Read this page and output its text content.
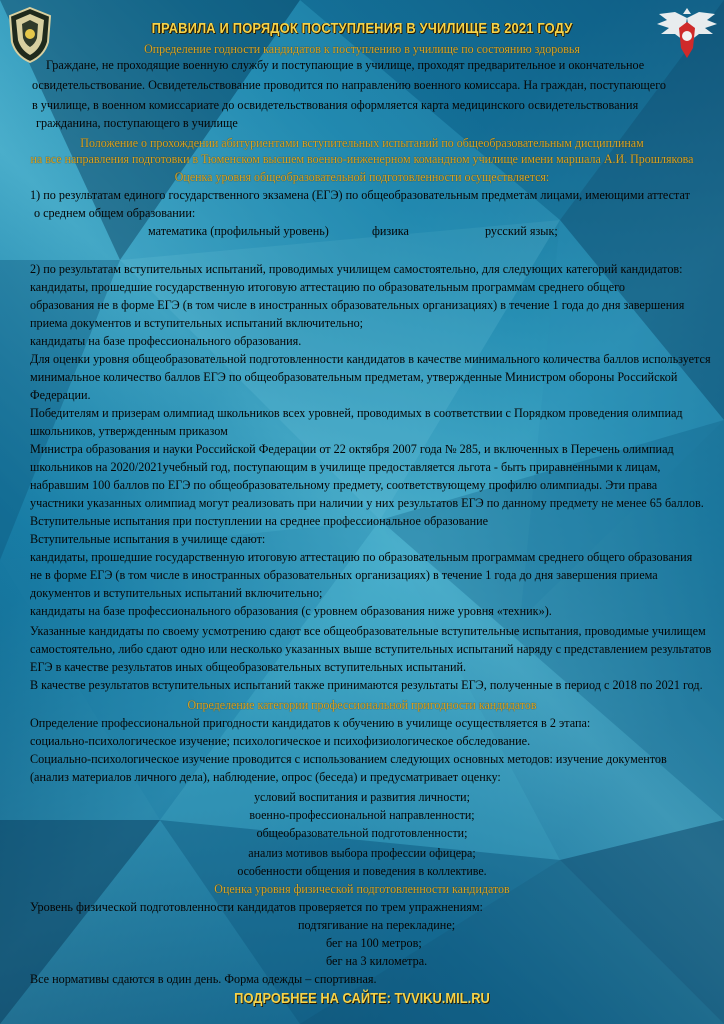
ПРАВИЛА И ПОРЯДОК ПОСТУПЛЕНИЯ В УЧИЛИЩЕ В 2021 ГОДУ
Определение годности кандидатов к поступлению в училище по состоянию здоровья
Граждане, не проходящие военную службу и поступающие в училище, проходят предварительное и окончательное
освидетельствование. Освидетельствование проводится по направлению военного комиссара. На граждан, поступающего
в училище, в военном комиссариате до освидетельствования оформляется карта медицинского освидетельствования
гражданина, поступающего в училище
Положение о прохождении абитуриентами вступительных испытаний по общеобразовательным дисциплинам
на все направления подготовки в Тюменском высшем военно-инженерном командном училище имени маршала А.И. Прошлякова
Оценка уровня общеобразовательной подготовленности осуществляется:
1) по результатам единого государственного экзамена (ЕГЭ) по общеобразовательным предметам лицами, имеющими аттестат
о среднем общем образовании:
математика (профильный уровень)	физика	русский язык;
2) по результатам вступительных испытаний, проводимых училищем самостоятельно, для следующих категорий кандидатов:
кандидаты, прошедшие государственную итоговую аттестацию по образовательным программам среднего общего
образования не в форме ЕГЭ (в том числе в иностранных образовательных организациях) в течение 1 года до дня завершения
приема документов и вступительных испытаний включительно;
кандидаты на базе профессионального образования.
Для оценки уровня общеобразовательной подготовленности кандидатов в качестве минимального количества баллов используется
минимальное количество баллов ЕГЭ по общеобразовательным предметам, утвержденные Министром обороны Российской
Федерации.
Победителям и призерам олимпиад школьников всех уровней, проводимых в соответствии с Порядком проведения олимпиад
школьников, утвержденным приказом
Министра образования и науки Российской Федерации от 22 октября 2007 года № 285, и включенных в Перечень олимпиад
школьников на 2020/2021учебный год, поступающим в училище предоставляется льгота - быть приравненными к лицам,
набравшим 100 баллов по ЕГЭ по общеобразовательному предмету, соответствующему профилю олимпиады. Эти права
участники указанных олимпиад могут реализовать при наличии у них результатов ЕГЭ по данному предмету не менее 65 баллов.
Вступительные испытания при поступлении на среднее профессиональное образование
Вступительные испытания в училище сдают:
кандидаты, прошедшие государственную итоговую аттестацию по образовательным программам среднего общего образования
не в форме ЕГЭ (в том числе в иностранных образовательных организациях) в течение 1 года до дня завершения приема
документов и вступительных испытаний включительно;
кандидаты на базе профессионального образования (с уровнем образования ниже уровня «техник»).
Указанные кандидаты по своему усмотрению сдают все общеобразовательные вступительные испытания, проводимые училищем
самостоятельно, либо сдают одно или несколько указанных выше вступительных испытаний наряду с представлением результатов
ЕГЭ в качестве результатов иных общеобразовательных вступительных испытаний.
В качестве результатов вступительных испытаний также принимаются результаты ЕГЭ, полученные в период с 2018 по 2021 год.
Определение категории профессиональной пригодности кандидатов
Определение профессиональной пригодности кандидатов к обучению в училище осуществляется в 2 этапа:
социально-психологическое изучение; психологическое и психофизиологическое обследование.
Социально-психологическое изучение проводится с использованием следующих основных методов: изучение документов
(анализ материалов личного дела), наблюдение, опрос (беседа) и предусматривает оценку:
условий воспитания и развития личности;
военно-профессиональной направленности;
общеобразовательной подготовленности;
анализ мотивов выбора профессии офицера;
особенности общения и поведения в коллективе.
Оценка уровня физической подготовленности кандидатов
Уровень физической подготовленности кандидатов проверяется по трем упражнениям:
подтягивание на перекладине;
бег на 100 метров;
бег на 3 километра.
Все нормативы сдаются в один день. Форма одежды – спортивная.
ПОДРОБНЕЕ НА САЙТЕ: TVVIKU.MIL.RU
